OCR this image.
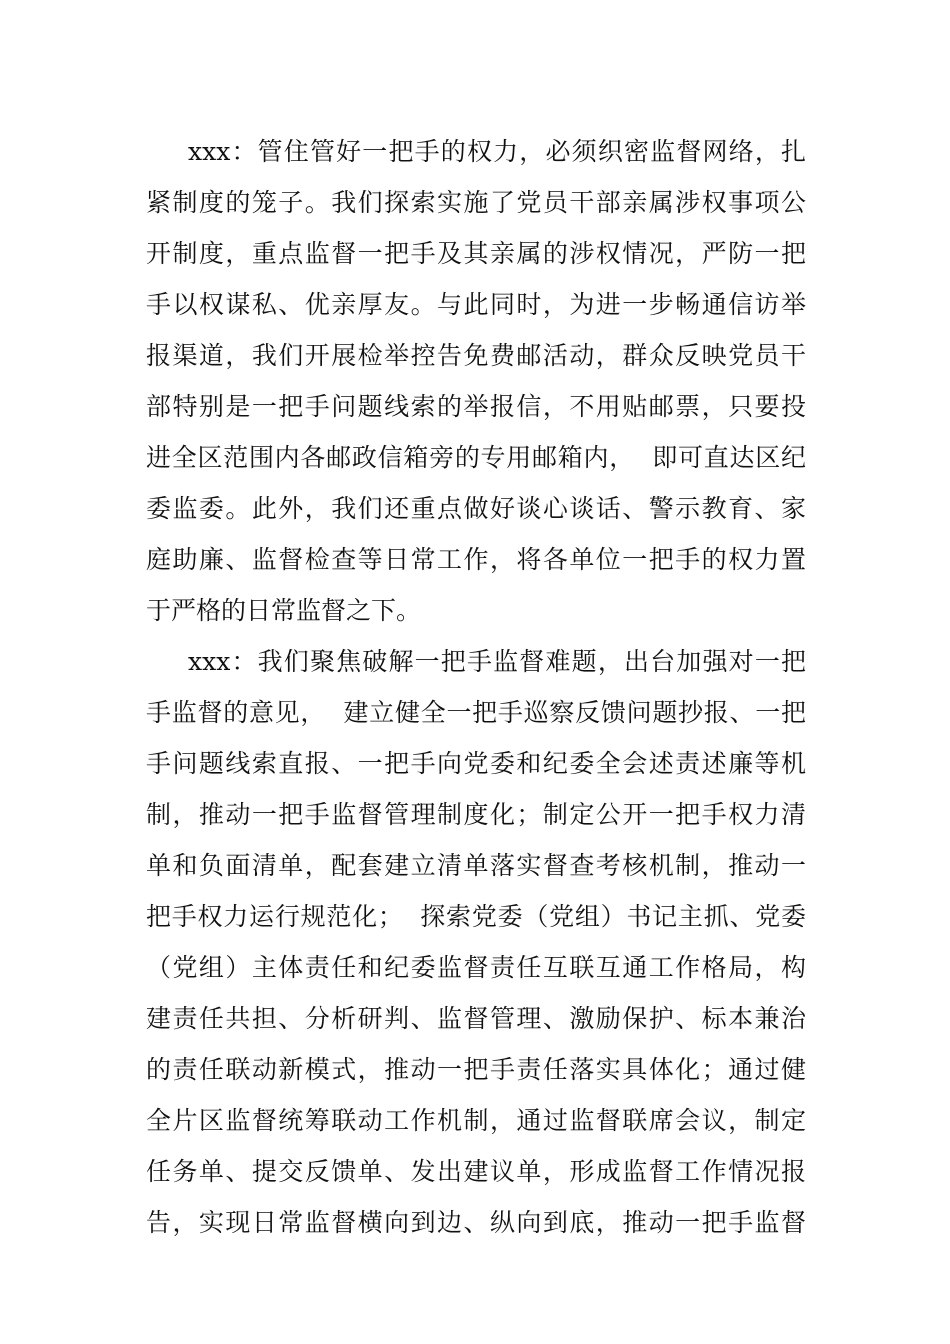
xxx：管住管好一把手的权力，必须织密监督网络，扎
紧制度的笼子。我们探索实施了党员干部亲属涉权事项公
开制度，重点监督一把手及其亲属的涉权情况，严防一把
手以权谋私、优亲厚友。与此同时，为进一步畅通信访举
报渠道，我们开展检举控告免费邮活动，群众反映党员干
部特别是一把手问题线索的举报信，不用贴邮票，只要投
进全区范围内各邮政信箱旁的专用邮箱内，  即可直达区纪
委监委。此外，我们还重点做好谈心谈话、警示教育、家
庭助廉、监督检查等日常工作，将各单位一把手的权力置
于严格的日常监督之下。
xxx：我们聚焦破解一把手监督难题，出台加强对一把
手监督的意见，  建立健全一把手巡察反馈问题抄报、一把
手问题线索直报、一把手向党委和纪委全会述责述廉等机
制，推动一把手监督管理制度化；制定公开一把手权力清
单和负面清单，配套建立清单落实督查考核机制，推动一
把手权力运行规范化；  探索党委（党组）书记主抓、党委
（党组）主体责任和纪委监督责任互联互通工作格局，构
建责任共担、分析研判、监督管理、激励保护、标本兼治
的责任联动新模式，推动一把手责任落实具体化；通过健
全片区监督统筹联动工作机制，通过监督联席会议，制定
任务单、提交反馈单、发出建议单，形成监督工作情况报
告，实现日常监督横向到边、纵向到底，推动一把手监督
